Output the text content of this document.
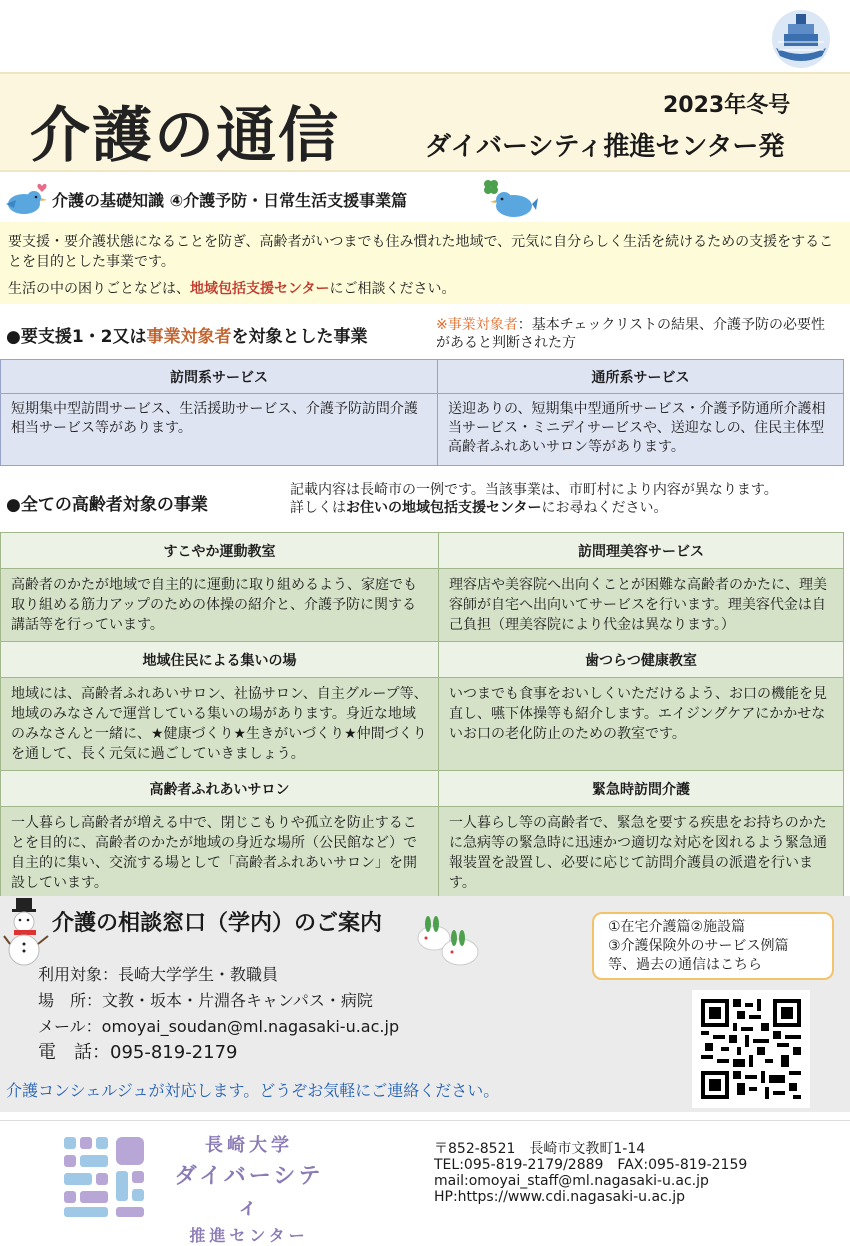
介護の通信	2023年冬号
ダイバーシティ推進センター発
介護の基礎知識 ④介護予防・日常生活支援事業篇
要支援・要介護状態になることを防ぎ、高齢者がいつまでも住み慣れた地域で、元気に自分らしく生活を続けるための支援をすることを目的とした事業です。
生活の中の困りごとなどは、地域包括支援センターにご相談ください。
●要支援1・2又は事業対象者を対象とした事業
※事業対象者：基本チェックリストの結果、介護予防の必要性があると判断された方
訪問系サービス	通所系サービス
短期集中型訪問サービス、生活援助サービス、介護予防訪問介護相当サービス等があります。	送迎ありの、短期集中型通所サービス・介護予防通所介護相当サービス・ミニデイサービスや、送迎なしの、住民主体型高齢者ふれあいサロン等があります。
●全ての高齢者対象の事業
記載内容は長崎市の一例です。当該事業は、市町村により内容が異なります。
詳しくはお住いの地域包括支援センターにお尋ねください。
すこやか運動教室	訪問理美容サービス
高齢者のかたが地域で自主的に運動に取り組めるよう、家庭でも取り組める筋力アップのための体操の紹介と、介護予防に関する講話等を行っています。	理容店や美容院へ出向くことが困難な高齢者のかたに、理美容師が自宅へ出向いてサービスを行います。理美容代金は自己負担（理美容院により代金は異なります。）
地域住民による集いの場	歯つらつ健康教室
地域には、高齢者ふれあいサロン、社協サロン、自主グループ等、地域のみなさんで運営している集いの場があります。身近な地域のみなさんと一緒に、★健康づくり★生きがいづくり★仲間づくりを通して、長く元気に過ごしていきましょう。	いつまでも食事をおいしくいただけるよう、お口の機能を見直し、嚥下体操等も紹介します。エイジングケアにかかせないお口の老化防止のための教室です。
高齢者ふれあいサロン	緊急時訪問介護
一人暮らし高齢者が増える中で、閉じこもりや孤立を防止することを目的に、高齢者のかたが地域の身近な場所（公民館など）で自主的に集い、交流する場として「高齢者ふれあいサロン」を開設しています。	一人暮らし等の高齢者で、緊急を要する疾患をお持ちのかたに急病等の緊急時に迅速かつ適切な対応を図れるよう緊急通報装置を設置し、必要に応じて訪問介護員の派遣を行います。
介護の相談窓口（学内）のご案内
利用対象：長崎大学学生・教職員
場　所：文教・坂本・片淵各キャンパス・病院
メール：omoyai_soudan@ml.nagasaki-u.ac.jp
電　話：095-819-2179
介護コンシェルジュが対応します。どうぞお気軽にご連絡ください。
①在宅介護篇②施設篇
③介護保険外のサービス例篇
等、過去の通信はこちら
長崎大学
ダイバーシティ
推進センター
〒852-8521　長崎市文教町1-14
TEL:095-819-2179/2889　FAX:095-819-2159
mail:omoyai_staff@ml.nagasaki-u.ac.jp
HP:https://www.cdi.nagasaki-u.ac.jp
